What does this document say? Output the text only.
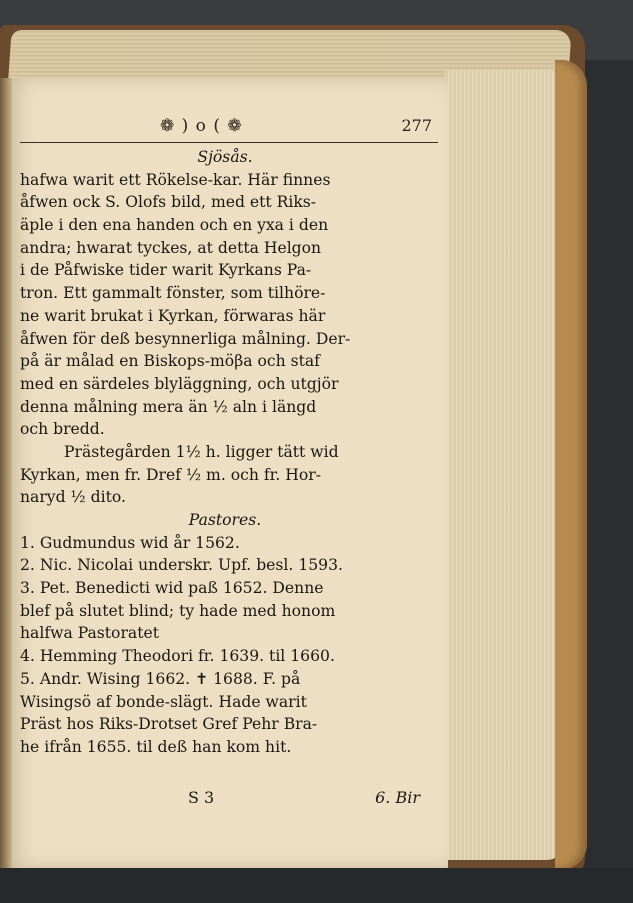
❁ ) o ( ❁	277
Sjösås.
hafwa warit ett Rökelse-kar. Här finnes
åfwen ock S. Olofs bild, med ett Riks-
äple i den ena handen och en yxa i den
andra; hwarat tyckes, at detta Helgon
i de Påfwiske tider warit Kyrkans Pa-
tron. Ett gammalt fönster, som tilhöre-
ne warit brukat i Kyrkan, förwaras här
åfwen för deß besynnerliga målning. Der-
på är målad en Biskops-möβa och staf
med en särdeles blyläggning, och utgjör
denna målning mera än ½ aln i längd
och bredd.
Prästegården 1½ h. ligger tätt wid
Kyrkan, men fr. Dref ½ m. och fr. Hor-
naryd ½ dito.
Pastores.
1. Gudmundus wid år 1562.
2. Nic. Nicolai underskr. Upf. besl. 1593.
3. Pet. Benedicti wid paß 1652. Denne
blef på slutet blind; ty hade med honom
halfwa Pastoratet
4. Hemming Theodori fr. 1639. til 1660.
5. Andr. Wising 1662. ✝ 1688. F. på
Wisingsö af bonde-slägt. Hade warit
Präst hos Riks-Drotset Gref Pehr Bra-
he ifrån 1655. til deß han kom hit.
S 3	6. Bir
